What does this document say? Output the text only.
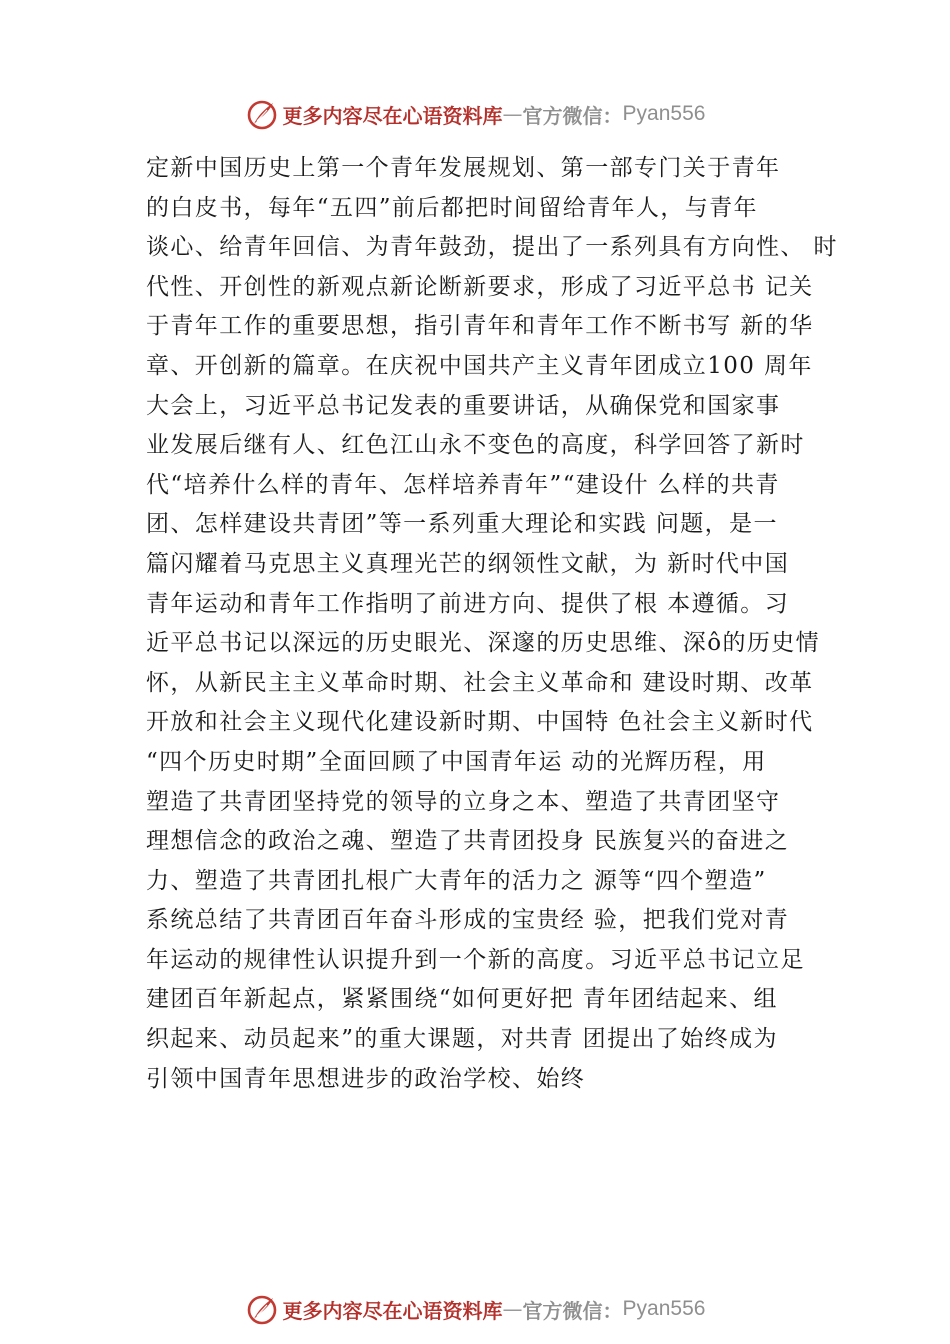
更多内容尽在心语资料库 — 官方微信： Pyan556
定新中国历史上第一个青年发展规划、第一部专门关于青年
的白皮书，每年“五四”前后都把时间留给青年人，与青年
谈心、给青年回信、为青年鼓劲，提出了一系列具有方向性、 时
代性、开创性的新观点新论断新要求，形成了习近平总书 记关
于青年工作的重要思想，指引青年和青年工作不断书写 新的华
章、开创新的篇章。在庆祝中国共产主义青年团成立100 周年
大会上，习近平总书记发表的重要讲话，从确保党和国家事
业发展后继有人、红色江山永不变色的高度，科学回答了新时
代“培养什么样的青年、怎样培养青年”“建设什 么样的共青
团、怎样建设共青团”等一系列重大理论和实践 问题，是一
篇闪耀着马克思主义真理光芒的纲领性文献，为 新时代中国
青年运动和青年工作指明了前进方向、提供了根 本遵循。习
近平总书记以深远的历史眼光、深邃的历史思维、深ô的历史情
怀，从新民主主义革命时期、社会主义革命和 建设时期、改革
开放和社会主义现代化建设新时期、中国特 色社会主义新时代
“四个历史时期”全面回顾了中国青年运 动的光辉历程，用
塑造了共青团坚持党的领导的立身之本、塑造了共青团坚守
理想信念的政治之魂、塑造了共青团投身 民族复兴的奋进之
力、塑造了共青团扎根广大青年的活力之 源等“四个塑造”
系统总结了共青团百年奋斗形成的宝贵经 验，把我们党对青
年运动的规律性认识提升到一个新的高度。习近平总书记立足
建团百年新起点，紧紧围绕“如何更好把 青年团结起来、组
织起来、动员起来”的重大课题，对共青 团提出了始终成为
引领中国青年思想进步的政治学校、始终
更多内容尽在心语资料库 — 官方微信： Pyan556
